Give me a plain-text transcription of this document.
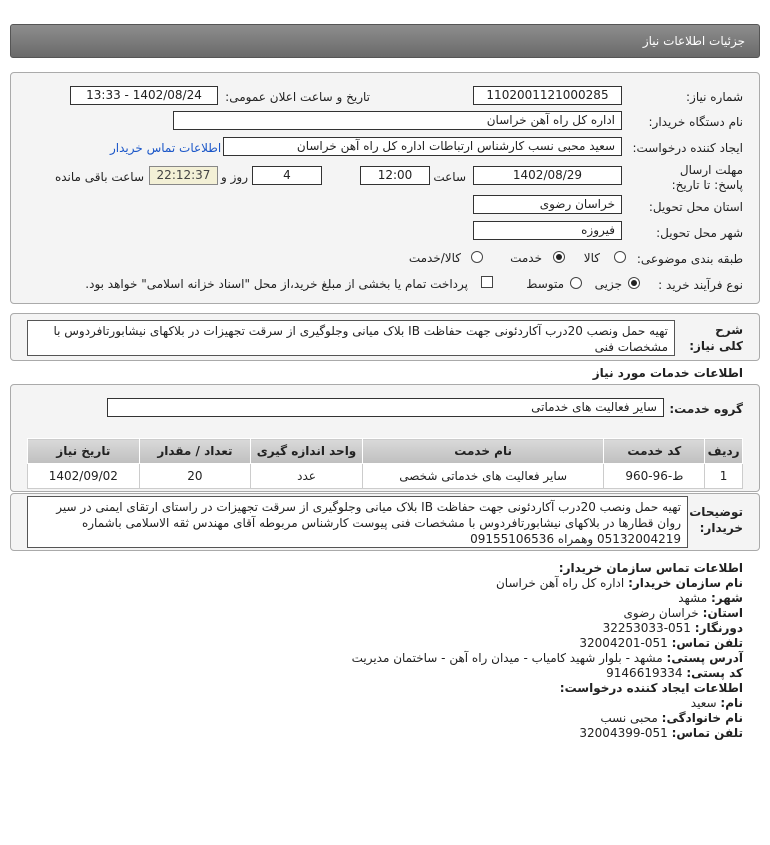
جزئیات اطلاعات نیاز
شماره نیاز:
1102001121000285
تاریخ و ساعت اعلان عمومی:
1402/08/24 - 13:33
نام دستگاه خریدار:
اداره کل راه آهن خراسان
ایجاد کننده درخواست:
سعید محبی نسب کارشناس ارتباطات اداره کل راه آهن خراسان
اطلاعات تماس خریدار
مهلت ارسال پاسخ: تا تاریخ:
1402/08/29
ساعت
12:00
4
روز و
22:12:37
ساعت باقی مانده
استان محل تحویل:
خراسان رضوی
شهر محل تحویل:
فیروزه
طبقه بندی موضوعی:
کالا
خدمت
کالا/خدمت
نوع فرآیند خرید :
جزیی
متوسط
پرداخت تمام یا بخشی از مبلغ خرید،از محل "اسناد خزانه اسلامی" خواهد بود.
شرح کلی نیاز:
تهیه حمل ونصب 20درب آکاردئونی جهت حفاظت IB بلاک میانی وجلوگیری از سرقت تجهیزات در بلاکهای نیشابورتافردوس با مشخصات فنی
اطلاعات خدمات مورد نیاز
گروه خدمت:
سایر فعالیت های خدماتی
ردیف	کد خدمت	نام خدمت	واحد اندازه گیری	تعداد / مقدار	تاریخ نیاز
1	ط-96-960	سایر فعالیت های خدماتی شخصی	عدد	20	1402/09/02
توضیحات خریدار:
تهیه حمل ونصب 20درب آکاردئونی جهت حفاظت IB بلاک میانی وجلوگیری از سرقت تجهیزات در راستای ارتقای ایمنی در سیر روان قطارها در بلاکهای نیشابورتافردوس با مشخصات فنی پیوست کارشناس مربوطه آقای مهندس ثقه الاسلامی باشماره 05132004219 وهمراه 09155106536
اطلاعات تماس سازمان خریدار:
نام سازمان خریدار: اداره کل راه آهن خراسان
شهر: مشهد
استان: خراسان رضوی
دورنگار: 051-32253033
تلفن تماس: 051-32004201
آدرس پستی: مشهد - بلوار شهید کامیاب - میدان راه آهن - ساختمان مدیریت
کد پستی: 9146619334
اطلاعات ایجاد کننده درخواست:
نام: سعید
نام خانوادگی: محبی نسب
تلفن تماس: 051-32004399
